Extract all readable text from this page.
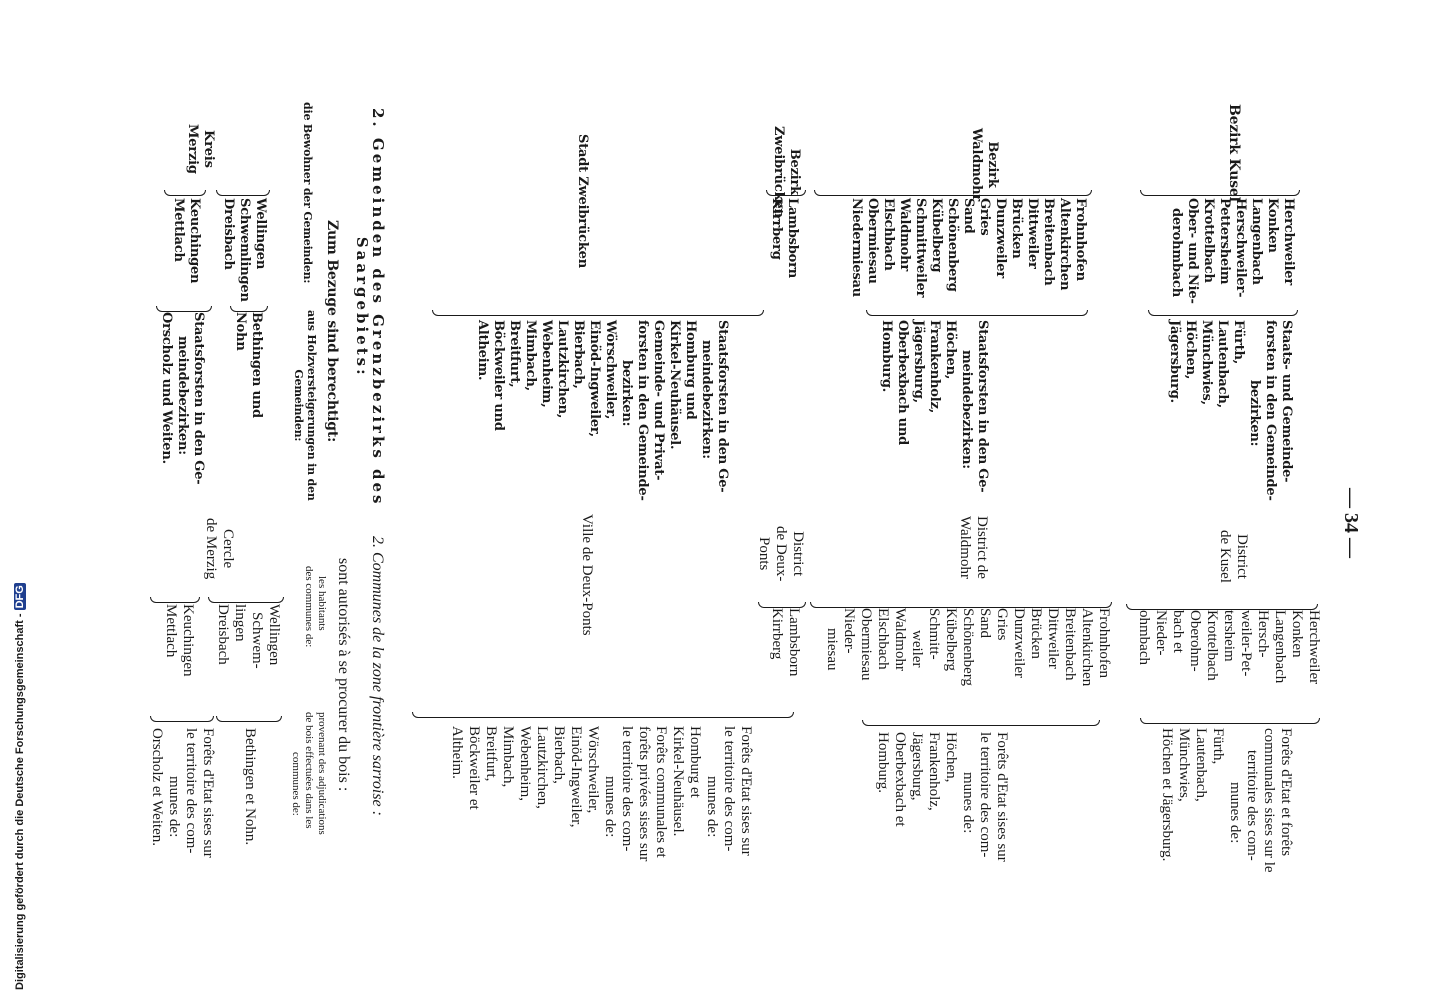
— 34 —
District
de Kusel
Herchweiler
Konken
Langenbach
Hersch-
weiler-Pet-
tersheim
Krottelbach
Oberohm-
bach et
Nieder-
ohmbach
Forêts d'Etat et forêts
communales sises sur le
territoire des com-
munes de:
Fürth,
Lautenbach,
Münchwies,
Höchen et Jägersburg.
District de
Waldmohr
Frohnhofen
Altenkirchen
Breitenbach
Dittweiler
Brücken
Dunzweiler
Gries
Sand
Schönenberg
Kübelberg
Schmitt-
weiler
Waldmohr
Elschbach
Obermiesau
Nieder-
miesau
Forêts d'Etat sises sur
le territoire des com-
munes de:
Höchen,
Frankenholz,
Jägersburg,
Oberbexbach et
Homburg.
District
de Deux-
Ponts
Lambsborn
Kirrberg
Ville de Deux-Ponts
Forêts d'Etat sises sur
le territoire des com-
munes de:
Homburg et
Kirkel-Neuhäusel.
Forêts communales et
forêts privées sises sur
le territoire des com-
munes de:
Wörschweiler,
Einöd-Ingweiler,
Bierbach,
Lautzkirchen,
Webenheim,
Mimbach,
Breitfurt,
Böckweiler et
Altheim.
2. Communes de la zone frontière sarroise :
sont autorisés à se procurer du bois :
les habitants
des communes de:
provenant des adjudications
de bois effectuées dans les
communes de:
Cercle
de Merzig
Wellingen
Schwem-
lingen
Dreisbach
Keuchingen
Mettlach
Bethingen et Nohn.
Forêts d'Etat sises sur
le territoire des com-
munes de:
Orscholz et Weiten.
Bezirk Kusel
Herchweiler
Konken
Langenbach
Herschweiler-
Pettersheim
Krottelbach
Ober- und Nie-
derohmbach
Staats- und Gemeinde-
forsten in den Gemeinde-
bezirken:
Fürth,
Lautenbach,
Münchwies,
Höchen,
Jägersburg.
Bezirk
Waldmohr
Frohnhofen
Altenkirchen
Breitenbach
Dittweiler
Brücken
Dunzweiler
Gries
Sand
Schönenberg
Kübelberg
Schmittweiler
Waldmohr
Elschbach
Obermiesau
Niedermiesau
Staatsforsten in den Ge-
meindebezirken:
Höchen,
Frankenholz,
Jägersburg,
Oberbexbach und
Homburg.
Bezirk
Zweibrücken
Lambsborn
Kirrberg
Stadt Zweibrücken
Staatsforsten in den Ge-
meindebezirken:
Homburg und
Kirkel-Neuhäusel.
Gemeinde- und Privat-
forsten in den Gemeinde-
bezirken:
Wörschweiler,
Einöd-Ingweiler,
Bierbach,
Lautzkirchen,
Webenheim,
Mimbach,
Breitfurt,
Böckweiler und
Altheim.
2. Gemeinden des Grenzbezirks des
Saargebiets:
Zum Bezuge sind berechtigt:
die Bewohner der Gemeinden:
aus Holzversteigerungen in den
Gemeinden:
Kreis
Merzig
Wellingen
Schwemlingen
Dreisbach
Keuchingen
Mettlach
Bethingen und
Nohn
Staatsforsten in den Ge-
meindebezirken:
Orscholz und Weiten.
Digitalisierung gefördert durch die Deutsche Forschungsgemeinschaft - DFG
